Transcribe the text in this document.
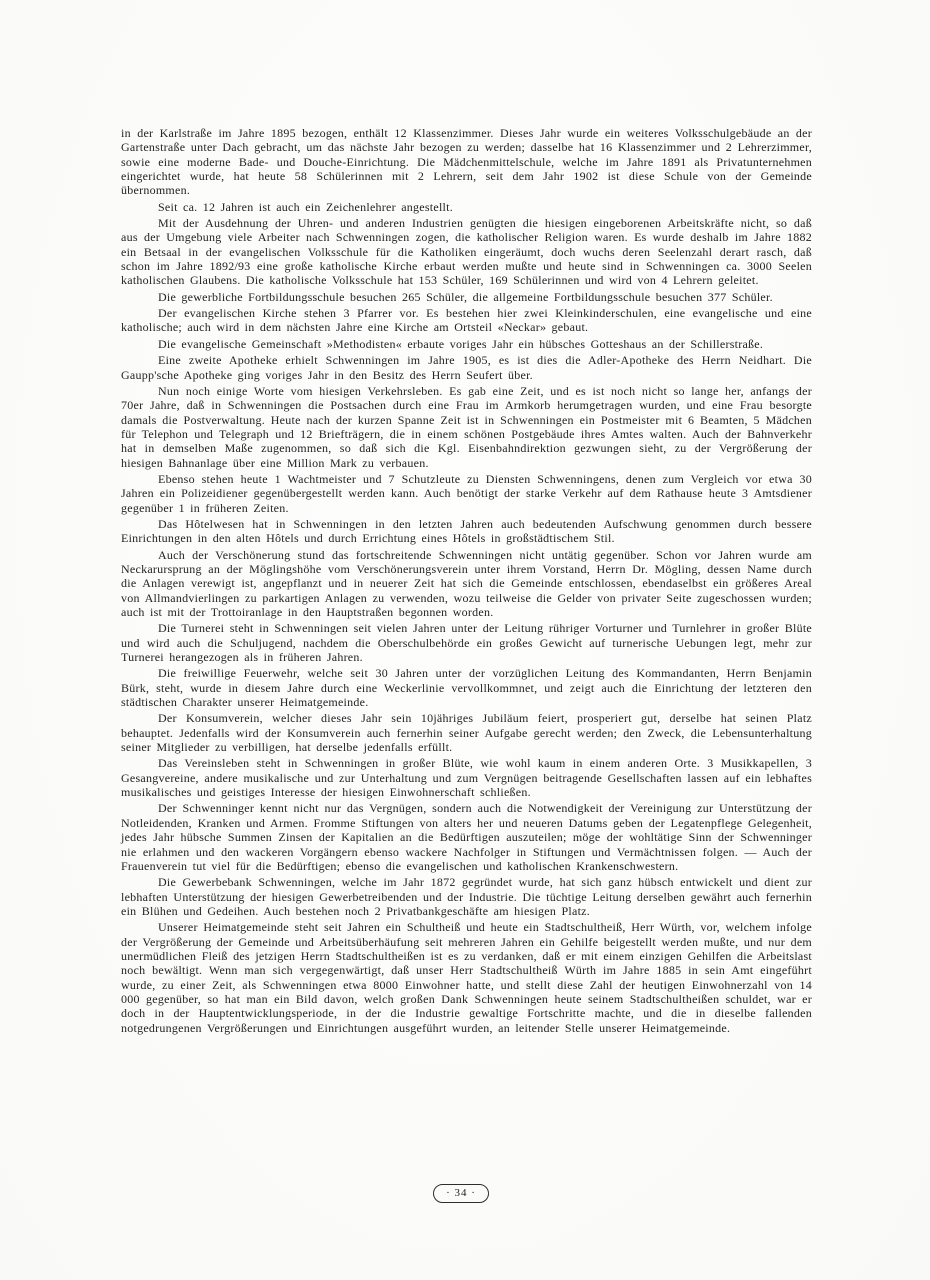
in der Karlstraße im Jahre 1895 bezogen, enthält 12 Klassenzimmer. Dieses Jahr wurde ein weiteres Volksschulgebäude an der Gartenstraße unter Dach gebracht, um das nächste Jahr bezogen zu werden; dasselbe hat 16 Klassenzimmer und 2 Lehrerzimmer, sowie eine moderne Bade- und Douche-Einrichtung. Die Mädchenmittelschule, welche im Jahre 1891 als Privatunternehmen eingerichtet wurde, hat heute 58 Schülerinnen mit 2 Lehrern, seit dem Jahr 1902 ist diese Schule von der Gemeinde übernommen.

Seit ca. 12 Jahren ist auch ein Zeichenlehrer angestellt.

Mit der Ausdehnung der Uhren- und anderen Industrien genügten die hiesigen eingeborenen Arbeitskräfte nicht, so daß aus der Umgebung viele Arbeiter nach Schwenningen zogen, die katholischer Religion waren. Es wurde deshalb im Jahre 1882 ein Betsaal in der evangelischen Volksschule für die Katholiken eingeräumt, doch wuchs deren Seelenzahl derart rasch, daß schon im Jahre 1892/93 eine große katholische Kirche erbaut werden mußte und heute sind in Schwenningen ca. 3000 Seelen katholischen Glaubens. Die katholische Volksschule hat 153 Schüler, 169 Schülerinnen und wird von 4 Lehrern geleitet.

Die gewerbliche Fortbildungsschule besuchen 265 Schüler, die allgemeine Fortbildungsschule besuchen 377 Schüler.

Der evangelischen Kirche stehen 3 Pfarrer vor. Es bestehen hier zwei Kleinkinderschulen, eine evangelische und eine katholische; auch wird in dem nächsten Jahre eine Kirche am Ortsteil «Neckar» gebaut.

Die evangelische Gemeinschaft »Methodisten« erbaute voriges Jahr ein hübsches Gotteshaus an der Schillerstraße.

Eine zweite Apotheke erhielt Schwenningen im Jahre 1905, es ist dies die Adler-Apotheke des Herrn Neidhart. Die Gaupp'sche Apotheke ging voriges Jahr in den Besitz des Herrn Seufert über.

Nun noch einige Worte vom hiesigen Verkehrsleben. Es gab eine Zeit, und es ist noch nicht so lange her, anfangs der 70er Jahre, daß in Schwenningen die Postsachen durch eine Frau im Armkorb herumgetragen wurden, und eine Frau besorgte damals die Postverwaltung. Heute nach der kurzen Spanne Zeit ist in Schwenningen ein Postmeister mit 6 Beamten, 5 Mädchen für Telephon und Telegraph und 12 Briefträgern, die in einem schönen Postgebäude ihres Amtes walten. Auch der Bahnverkehr hat in demselben Maße zugenommen, so daß sich die Kgl. Eisenbahndirektion gezwungen sieht, zu der Vergrößerung der hiesigen Bahnanlage über eine Million Mark zu verbauen.

Ebenso stehen heute 1 Wachtmeister und 7 Schutzleute zu Diensten Schwenningens, denen zum Vergleich vor etwa 30 Jahren ein Polizeidiener gegenübergestellt werden kann. Auch benötigt der starke Verkehr auf dem Rathause heute 3 Amtsdiener gegenüber 1 in früheren Zeiten.

Das Hôtelwesen hat in Schwenningen in den letzten Jahren auch bedeutenden Aufschwung genommen durch bessere Einrichtungen in den alten Hôtels und durch Errichtung eines Hôtels in großstädtischem Stil.

Auch der Verschönerung stund das fortschreitende Schwenningen nicht untätig gegenüber. Schon vor Jahren wurde am Neckarursprung an der Möglingshöhe vom Verschönerungsverein unter ihrem Vorstand, Herrn Dr. Mögling, dessen Name durch die Anlagen verewigt ist, angepflanzt und in neuerer Zeit hat sich die Gemeinde entschlossen, ebendaselbst ein größeres Areal von Allmandvierlingen zu parkartigen Anlagen zu verwenden, wozu teilweise die Gelder von privater Seite zugeschossen wurden; auch ist mit der Trottoiranlage in den Hauptstraßen begonnen worden.

Die Turnerei steht in Schwenningen seit vielen Jahren unter der Leitung rühriger Vorturner und Turnlehrer in großer Blüte und wird auch die Schuljugend, nachdem die Oberschulbehörde ein großes Gewicht auf turnerische Uebungen legt, mehr zur Turnerei herangezogen als in früheren Jahren.

Die freiwillige Feuerwehr, welche seit 30 Jahren unter der vorzüglichen Leitung des Kommandanten, Herrn Benjamin Bürk, steht, wurde in diesem Jahre durch eine Weckerlinie vervollkommnet, und zeigt auch die Einrichtung der letzteren den städtischen Charakter unserer Heimatgemeinde.

Der Konsumverein, welcher dieses Jahr sein 10jähriges Jubiläum feiert, prosperiert gut, derselbe hat seinen Platz behauptet. Jedenfalls wird der Konsumverein auch fernerhin seiner Aufgabe gerecht werden; den Zweck, die Lebensunterhaltung seiner Mitglieder zu verbilligen, hat derselbe jedenfalls erfüllt.

Das Vereinsleben steht in Schwenningen in großer Blüte, wie wohl kaum in einem anderen Orte. 3 Musikkapellen, 3 Gesangvereine, andere musikalische und zur Unterhaltung und zum Vergnügen beitragende Gesellschaften lassen auf ein lebhaftes musikalisches und geistiges Interesse der hiesigen Einwohnerschaft schließen.

Der Schwenninger kennt nicht nur das Vergnügen, sondern auch die Notwendigkeit der Vereinigung zur Unterstützung der Notleidenden, Kranken und Armen. Fromme Stiftungen von alters her und neueren Datums geben der Legatenpflege Gelegenheit, jedes Jahr hübsche Summen Zinsen der Kapitalien an die Bedürftigen auszuteilen; möge der wohltätige Sinn der Schwenninger nie erlahmen und den wackeren Vorgängern ebenso wackere Nachfolger in Stiftungen und Vermächtnissen folgen. — Auch der Frauenverein tut viel für die Bedürftigen; ebenso die evangelischen und katholischen Krankenschwestern.

Die Gewerbebank Schwenningen, welche im Jahr 1872 gegründet wurde, hat sich ganz hübsch entwickelt und dient zur lebhaften Unterstützung der hiesigen Gewerbetreibenden und der Industrie. Die tüchtige Leitung derselben gewährt auch fernerhin ein Blühen und Gedeihen. Auch bestehen noch 2 Privatbankgeschäfte am hiesigen Platz.

Unserer Heimatgemeinde steht seit Jahren ein Schultheiß und heute ein Stadtschultheiß, Herr Würth, vor, welchem infolge der Vergrößerung der Gemeinde und Arbeitsüberhäufung seit mehreren Jahren ein Gehilfe beigestellt werden mußte, und nur dem unermüdlichen Fleiß des jetzigen Herrn Stadtschultheißen ist es zu verdanken, daß er mit einem einzigen Gehilfen die Arbeitslast noch bewältigt. Wenn man sich vergegenwärtigt, daß unser Herr Stadtschultheiß Würth im Jahre 1885 in sein Amt eingeführt wurde, zu einer Zeit, als Schwenningen etwa 8000 Einwohner hatte, und stellt diese Zahl der heutigen Einwohnerzahl von 14 000 gegenüber, so hat man ein Bild davon, welch großen Dank Schwenningen heute seinem Stadtschultheißen schuldet, war er doch in der Hauptentwicklungsperiode, in der die Industrie gewaltige Fortschritte machte, und die in dieselbe fallenden notgedrungenen Vergrößerungen und Einrichtungen ausgeführt wurden, an leitender Stelle unserer Heimatgemeinde.

· 34 ·
